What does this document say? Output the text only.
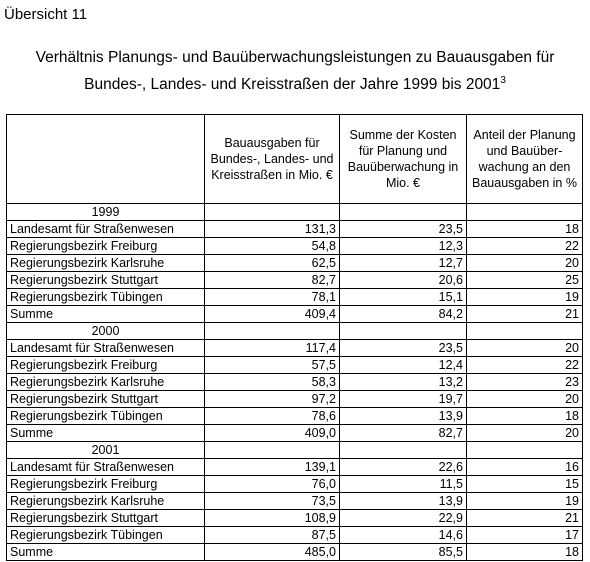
Übersicht 11
Verhältnis Planungs- und Bauüberwachungsleistungen zu Bauausgaben für
Bundes-, Landes- und Kreisstraßen der Jahre 1999 bis 2001$^3$
	Bauausgaben für Bundes-, Landes- und Kreisstraßen in Mio. €	Summe der Kosten für Planung und Bauüberwachung in Mio. €	Anteil der Planung und Bauüber-wachung an den Bauausgaben in %
1999			
Landesamt für Straßenwesen	131,3	23,5	18
Regierungsbezirk Freiburg	54,8	12,3	22
Regierungsbezirk Karlsruhe	62,5	12,7	20
Regierungsbezirk Stuttgart	82,7	20,6	25
Regierungsbezirk Tübingen	78,1	15,1	19
Summe	409,4	84,2	21
2000			
Landesamt für Straßenwesen	117,4	23,5	20
Regierungsbezirk Freiburg	57,5	12,4	22
Regierungsbezirk Karlsruhe	58,3	13,2	23
Regierungsbezirk Stuttgart	97,2	19,7	20
Regierungsbezirk Tübingen	78,6	13,9	18
Summe	409,0	82,7	20
2001			
Landesamt für Straßenwesen	139,1	22,6	16
Regierungsbezirk Freiburg	76,0	11,5	15
Regierungsbezirk Karlsruhe	73,5	13,9	19
Regierungsbezirk Stuttgart	108,9	22,9	21
Regierungsbezirk Tübingen	87,5	14,6	17
Summe	485,0	85,5	18
